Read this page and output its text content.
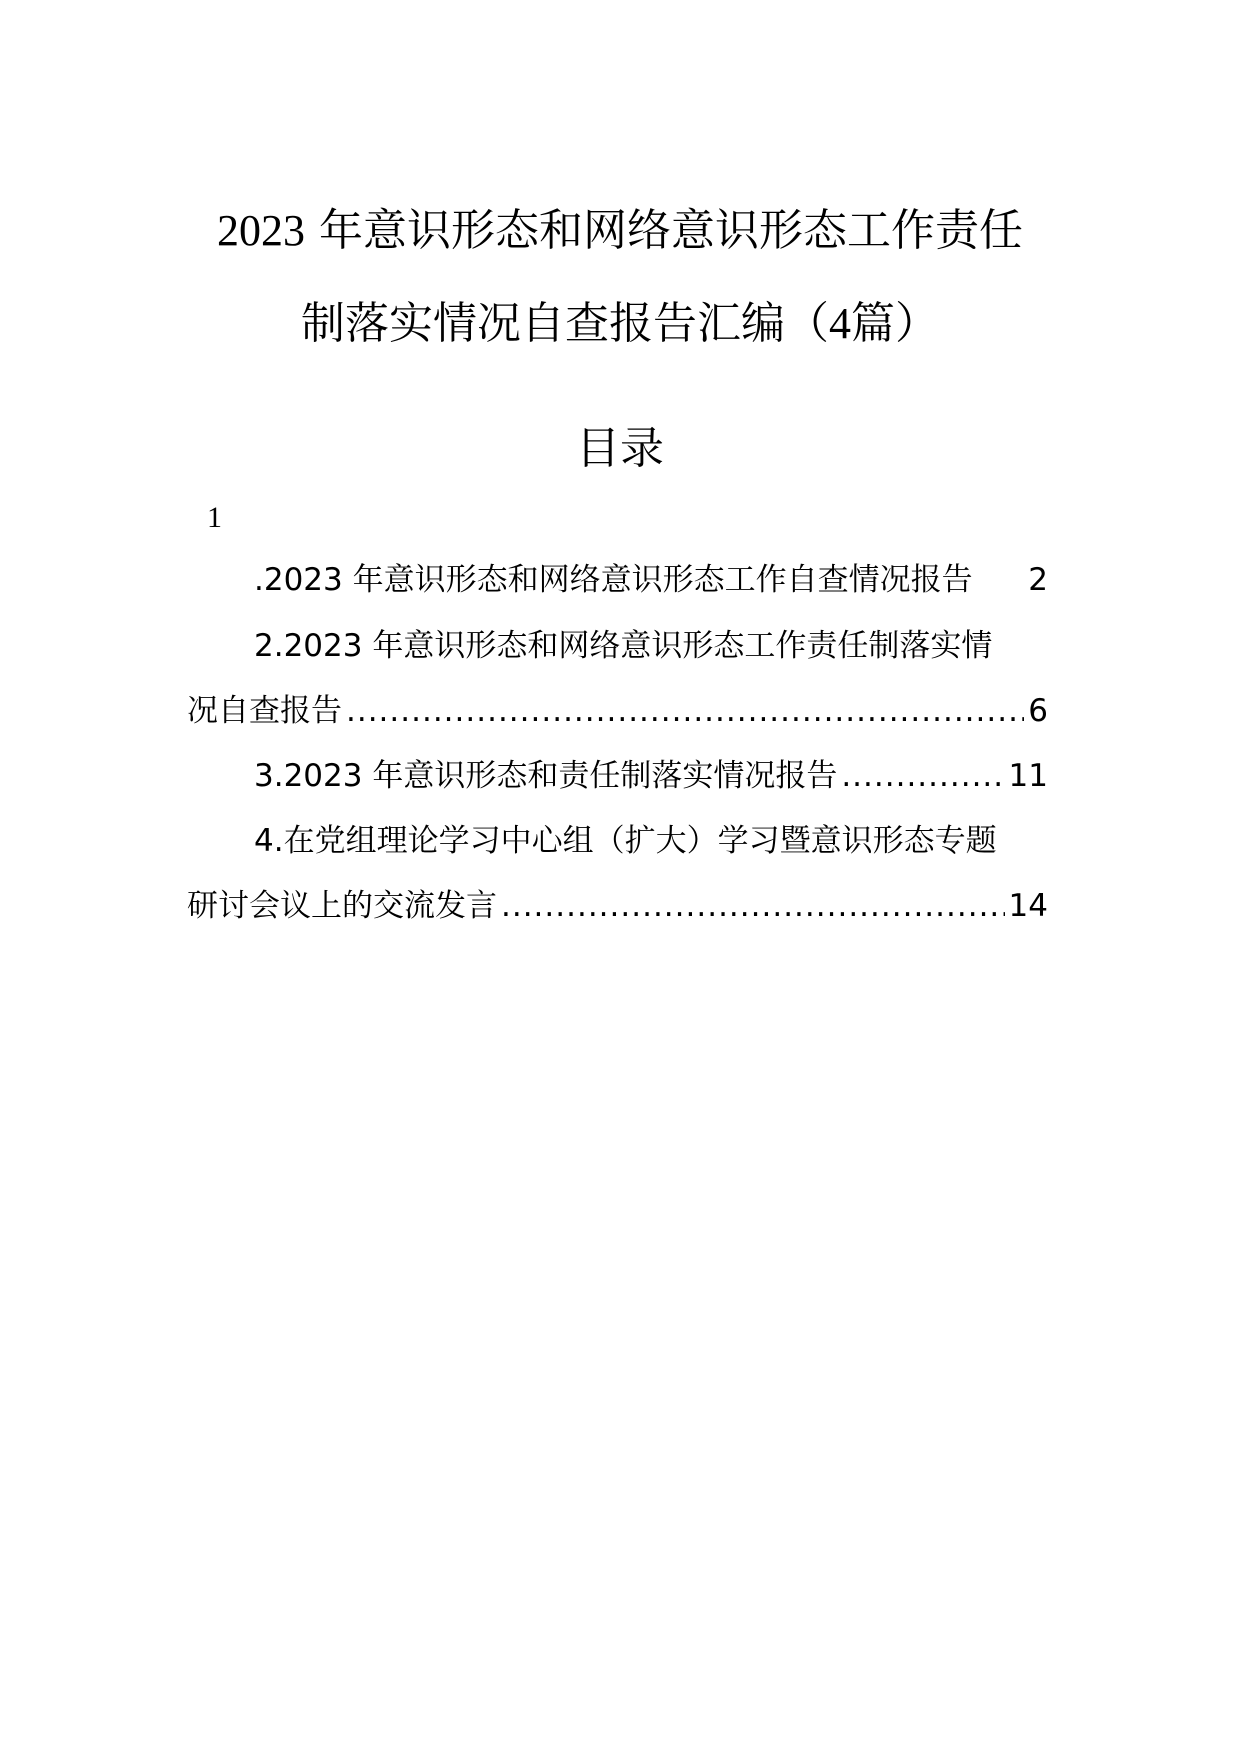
2023 年意识形态和网络意识形态工作责任
制落实情况自查报告汇编（4篇）
目录
1
.2023 年意识形态和网络意识形态工作自查情况报告	2
2.2023 年意识形态和网络意识形态工作责任制落实情
况自查报告 .....	6
3.2023 年意识形态和责任制落实情况报告 .....	11
4.在党组理论学习中心组（扩大）学习暨意识形态专题
研讨会议上的交流发言 .....	14
